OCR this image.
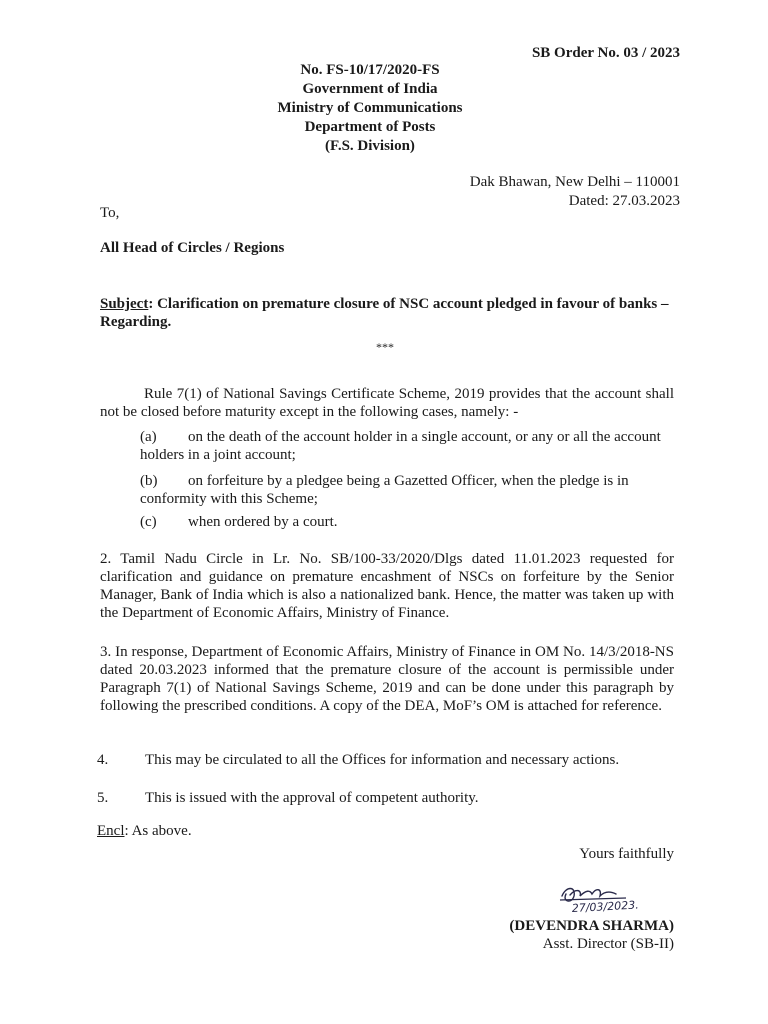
SB Order No. 03 / 2023
No. FS-10/17/2020-FS
Government of India
Ministry of Communications
Department of Posts
(F.S. Division)
Dak Bhawan, New Delhi – 110001
Dated: 27.03.2023
To,
All Head of Circles / Regions
Subject: Clarification on premature closure of NSC account pledged in favour of banks – Regarding.
***
Rule 7(1) of National Savings Certificate Scheme, 2019 provides that the account shall not be closed before maturity except in the following cases, namely: -
(a) on the death of the account holder in a single account, or any or all the account holders in a joint account;
(b) on forfeiture by a pledgee being a Gazetted Officer, when the pledge is in conformity with this Scheme;
(c) when ordered by a court.
2. Tamil Nadu Circle in Lr. No. SB/100-33/2020/Dlgs dated 11.01.2023 requested for clarification and guidance on premature encashment of NSCs on forfeiture by the Senior Manager, Bank of India which is also a nationalized bank. Hence, the matter was taken up with the Department of Economic Affairs, Ministry of Finance.
3. In response, Department of Economic Affairs, Ministry of Finance in OM No. 14/3/2018-NS dated 20.03.2023 informed that the premature closure of the account is permissible under Paragraph 7(1) of National Savings Scheme, 2019 and can be done under this paragraph by following the prescribed conditions. A copy of the DEA, MoF’s OM is attached for reference.
4. This may be circulated to all the Offices for information and necessary actions.
5. This is issued with the approval of competent authority.
Encl: As above.
Yours faithfully
27/03/2023.
(DEVENDRA SHARMA)
Asst. Director (SB-II)
